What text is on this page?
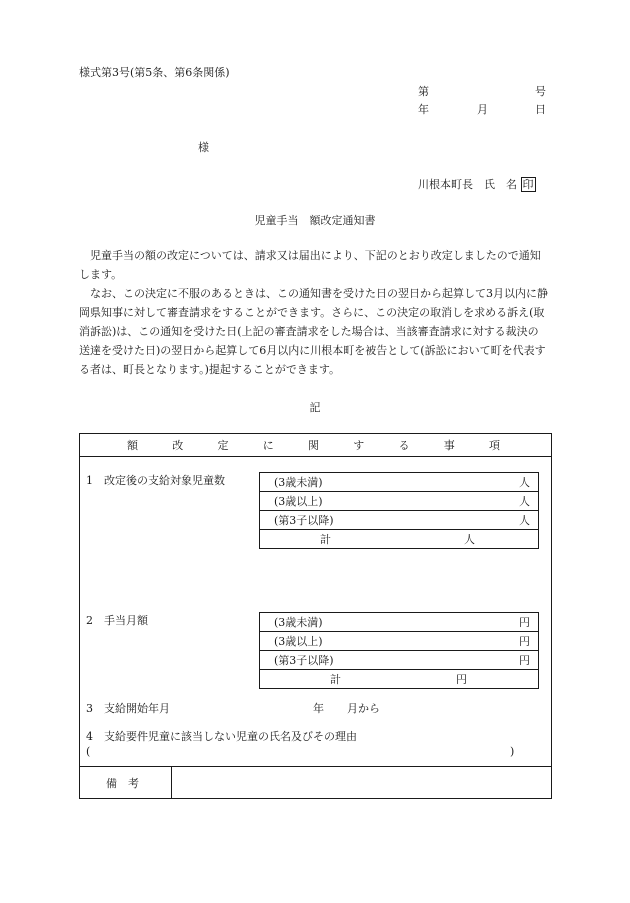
様式第3号(第5条、第6条関係)
第	号
年	月	日
様
川根本町長　氏　名 印
児童手当　額改定通知書

児童手当の額の改定については、請求又は届出により、下記のとおり改定しましたので通知します。

なお、この決定に不服のあるときは、この通知書を受けた日の翌日から起算して3月以内に静岡県知事に対して審査請求をすることができます。さらに、この決定の取消しを求める訴え(取消訴訟)は、この通知を受けた日(上記の審査請求をした場合は、当該審査請求に対する裁決の送達を受けた日)の翌日から起算して6月以内に川根本町を被告として(訴訟において町を代表する者は、町長となります。)提起することができます。

記
額	改	定	に	関	す	る	事	項
1　改定後の支給対象児童数	(3歳未満)	人

(3歳以上)	人

(第3子以降)	人

計	人
2　手当月額	(3歳未満)	円

(3歳以上)	円

(第3子以降)	円

計	円
3　支給開始年月	年 月から
4　支給要件児童に該当しない児童の氏名及びその理由
(	)
備　考
